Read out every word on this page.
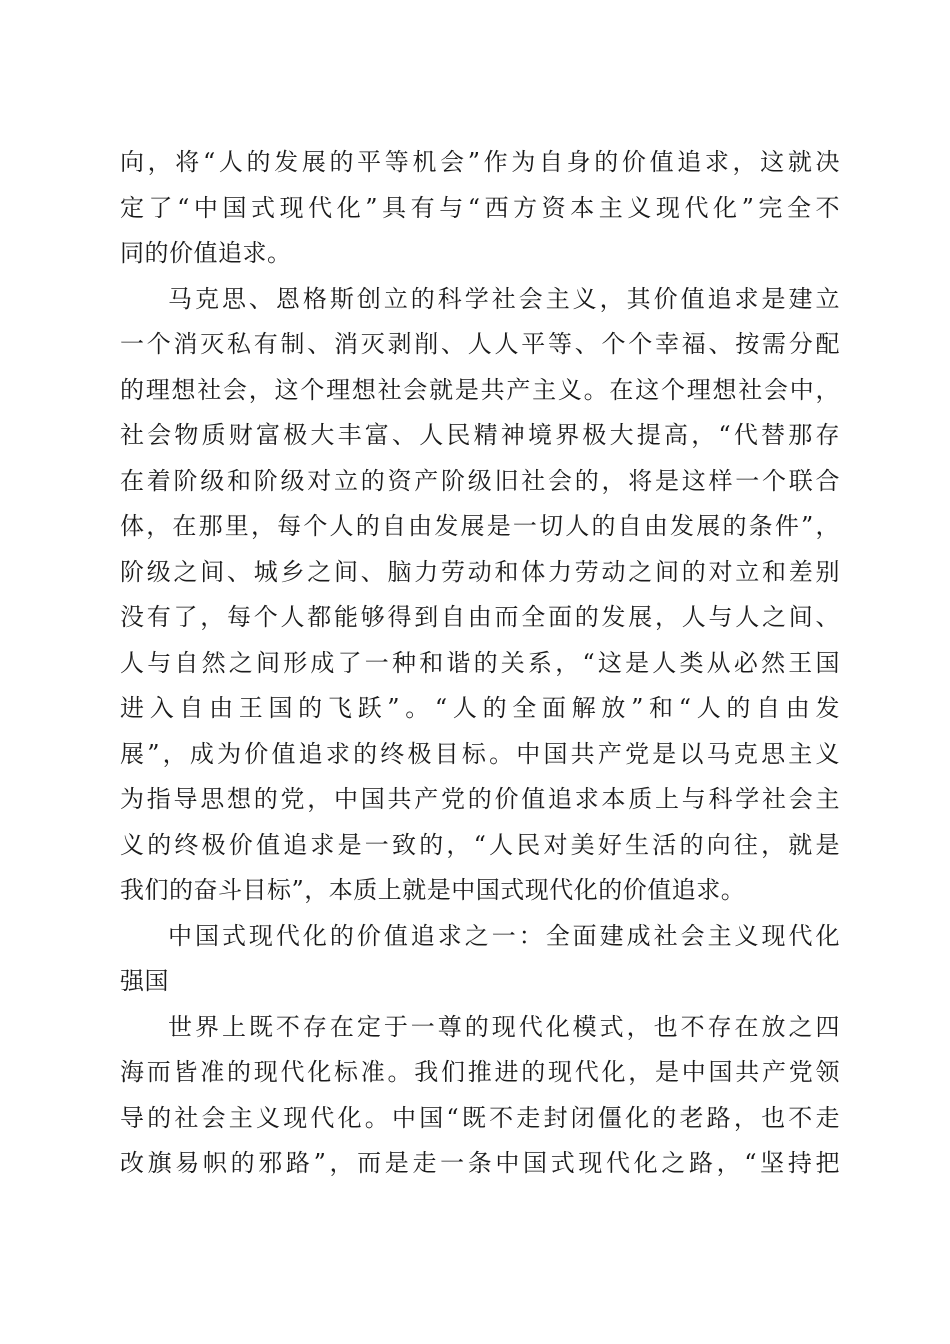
向，将“人的发展的平等机会”作为自身的价值追求，这就决
定了“中国式现代化”具有与“西方资本主义现代化”完全不
同的价值追求。
马克思、恩格斯创立的科学社会主义，其价值追求是建立
一个消灭私有制、消灭剥削、人人平等、个个幸福、按需分配
的理想社会，这个理想社会就是共产主义。在这个理想社会中，
社会物质财富极大丰富、人民精神境界极大提高，“代替那存
在着阶级和阶级对立的资产阶级旧社会的，将是这样一个联合
体，在那里，每个人的自由发展是一切人的自由发展的条件”，
阶级之间、城乡之间、脑力劳动和体力劳动之间的对立和差别
没有了，每个人都能够得到自由而全面的发展，人与人之间、
人与自然之间形成了一种和谐的关系，“这是人类从必然王国
进入自由王国的飞跃”。“人的全面解放”和“人的自由发
展”，成为价值追求的终极目标。中国共产党是以马克思主义
为指导思想的党，中国共产党的价值追求本质上与科学社会主
义的终极价值追求是一致的，“人民对美好生活的向往，就是
我们的奋斗目标”，本质上就是中国式现代化的价值追求。
中国式现代化的价值追求之一：全面建成社会主义现代化
强国
世界上既不存在定于一尊的现代化模式，也不存在放之四
海而皆准的现代化标准。我们推进的现代化，是中国共产党领
导的社会主义现代化。中国“既不走封闭僵化的老路，也不走
改旗易帜的邪路”，而是走一条中国式现代化之路，“坚持把
